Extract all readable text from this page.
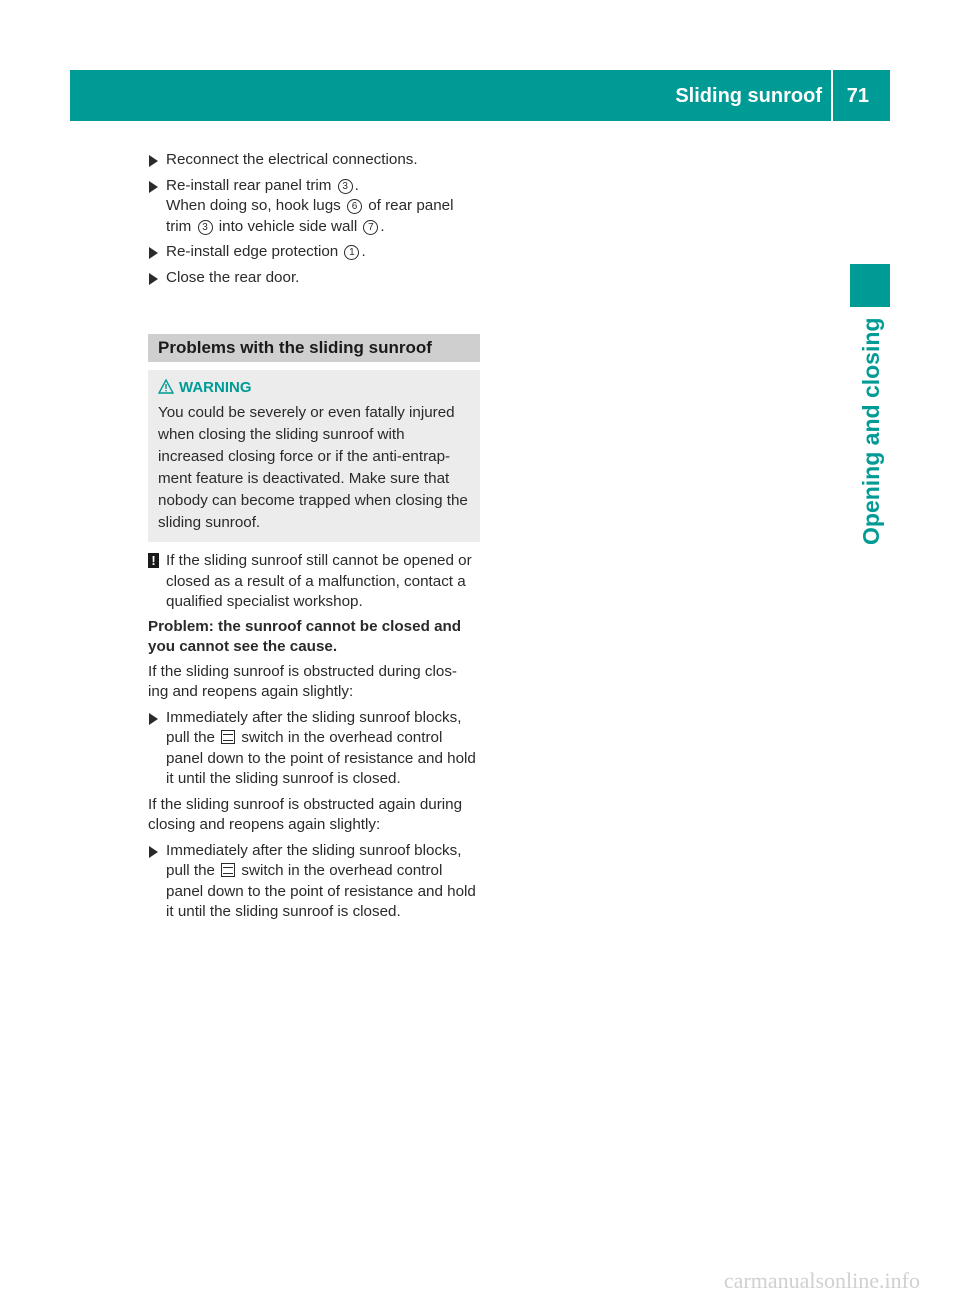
Sliding sunroof 71
Opening and closing
Reconnect the electrical connections.
Re-install rear panel trim 3 .
When doing so, hook lugs 6 of rear panel
trim 3 into vehicle side wall 7 .
Re-install edge protection 1 .
Close the rear door.
Problems with the sliding sunroof
WARNING
You could be severely or even fatally injured when closing the sliding sunroof with increased closing force or if the anti-entrap- ment feature is deactivated. Make sure that nobody can become trapped when closing the sliding sunroof.
! If the sliding sunroof still cannot be opened or closed as a result of a malfunction, contact a qualified specialist workshop.
Problem: the sunroof cannot be closed and you cannot see the cause.
If the sliding sunroof is obstructed during clos- ing and reopens again slightly:
Immediately after the sliding sunroof blocks, pull the  switch in the overhead control panel down to the point of resistance and hold it until the sliding sunroof is closed.
If the sliding sunroof is obstructed again during closing and reopens again slightly:
Immediately after the sliding sunroof blocks, pull the  switch in the overhead control panel down to the point of resistance and hold it until the sliding sunroof is closed.
carmanualsonline.info
